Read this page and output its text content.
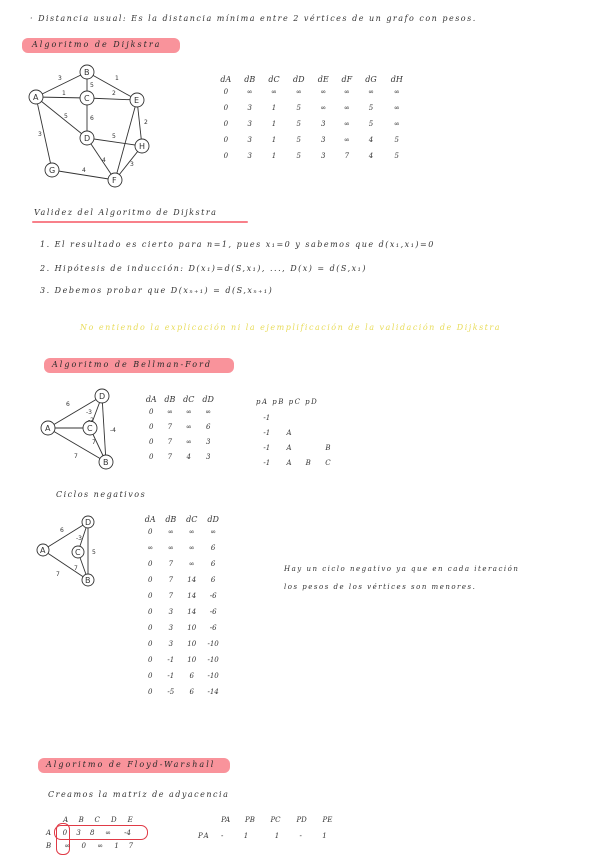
· Distancia usual: Es la distancia mínima entre 2 vértices de un grafo con pesos.
Algoritmo de Dijkstra
A
B
C
D
E
H
G
F
3
1
1
5
2
5	6
5
2
3
4
3
4
dA	dB	dC	dD	dE	dF	dG	dH
0	∞	∞	∞	∞	∞	∞	∞
0	3	1	5	∞	∞	5	∞
0	3	1	5	3	∞	5	∞
0	3	1	5	3	∞	4	5
0	3	1	5	3	7	4	5
Validez del Algoritmo de Dijkstra
1. El resultado es cierto para n=1, pues x₁=0 y sabemos que d(x₁,x₁)=0
2. Hipótesis de inducción: D(x₁)=d(S,x₁), ..., D(x) = d(S,x₁)
3. Debemos probar que D(xₙ₊₁) = d(S,xₙ₊₁)
No entiendo la explicación ni la ejemplificación de la validación de Dijkstra
Algoritmo de Bellman-Ford
A
D
C
B
6
-3
7
-4
7
-2
dA	dB	dC	dD
0	∞	∞	∞
0	7	∞	6
0	7	∞	3
0	7	4	3
pA pB pC pD
-1			
-1	A		
-1	A		B
-1	A	B	C
Ciclos negativos
A
D
C
B
6
7
-3
5
7
dA	dB	dC	dD
0	∞	∞	∞
∞	∞	∞	6
0	7	∞	6
0	7	14	6
0	7	14	-6
0	3	14	-6
0	3	10	-6
0	3	10	-10
0	-1	10	-10
0	-1	6	-10
0	-5	6	-14
Hay un ciclo negativo ya que en cada iteración
los pesos de los vértices son menores.
Algoritmo de Floyd-Warshall
Creamos la matriz de adyacencia
A	B	C	D	E
A 0	3	8	∞	-4
B ∞	0	∞	1	7
PA	PB	PC	PD	PE
PA -	1	1	-	1
